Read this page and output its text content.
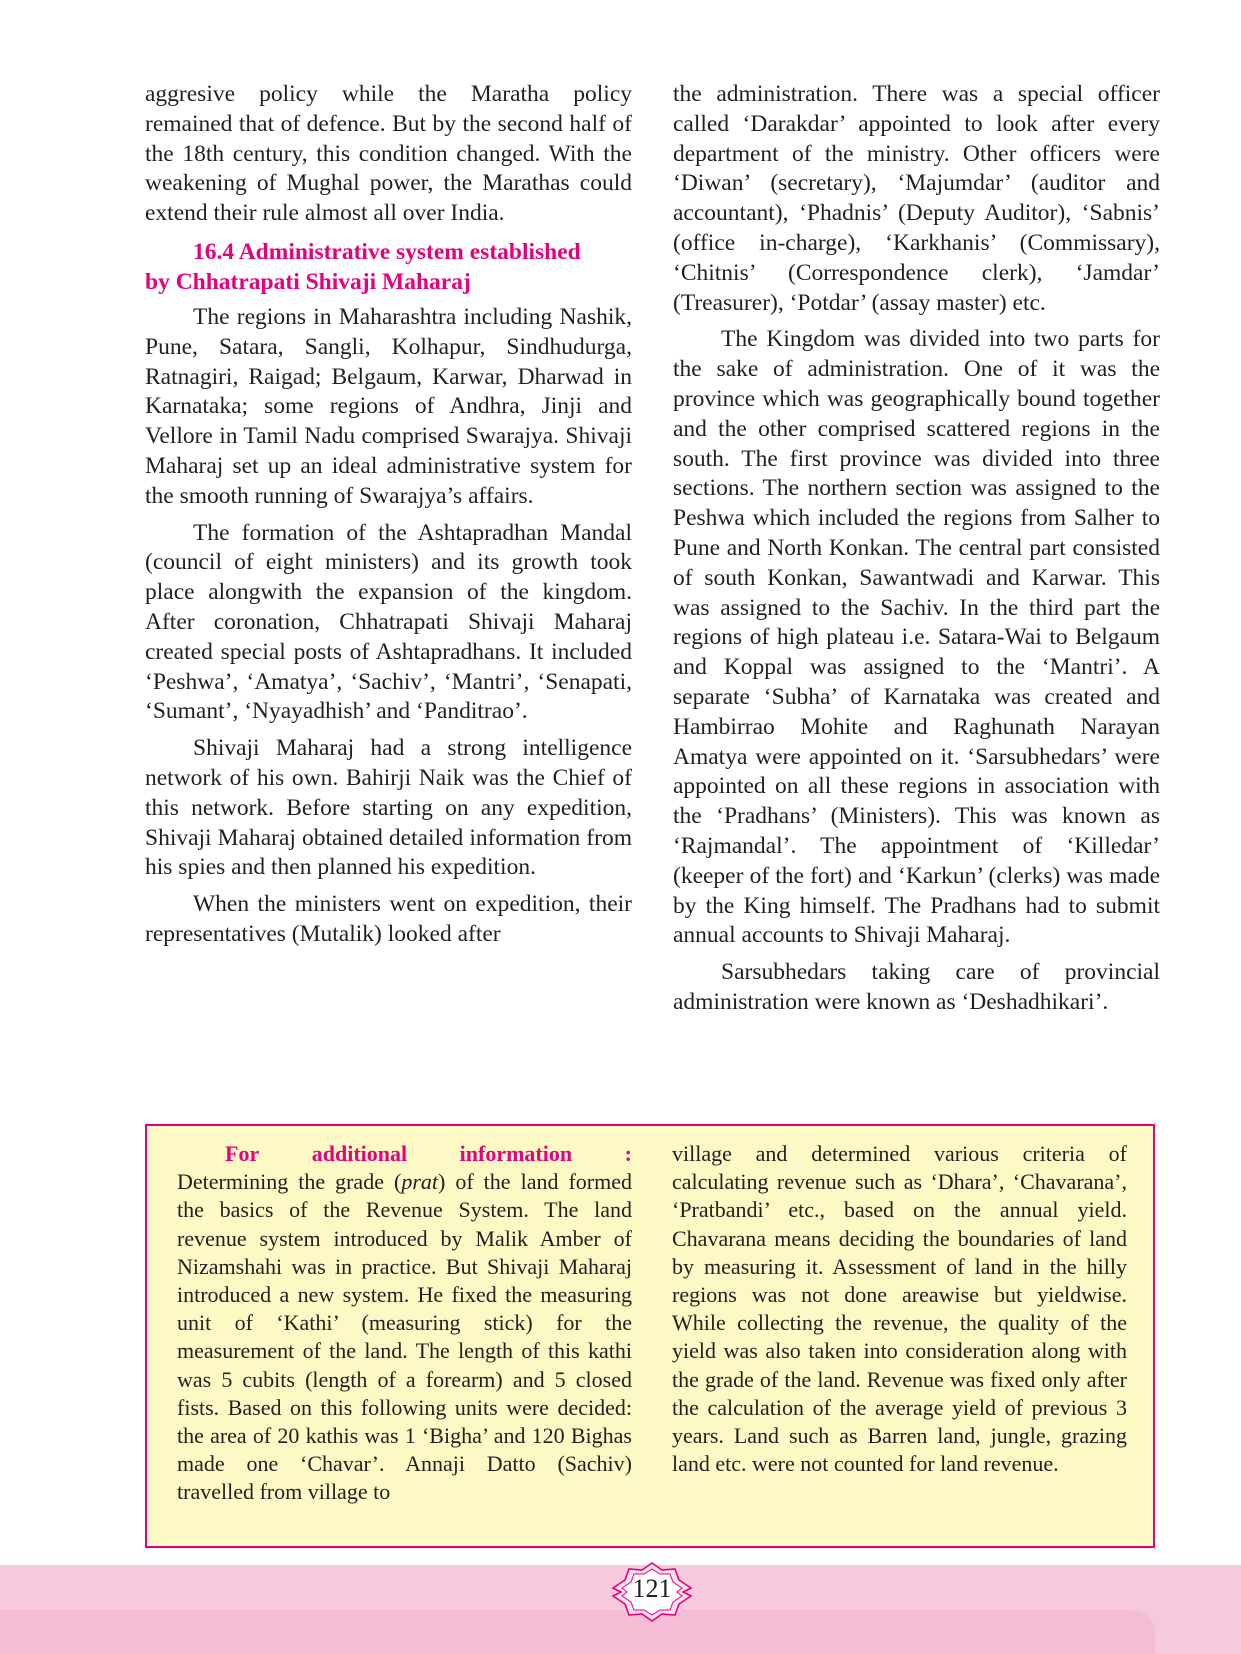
aggresive policy while the Maratha policy remained that of defence. But by the second half of the 18th century, this condition changed. With the weakening of Mughal power, the Marathas could extend their rule almost all over India.

16.4 Administrative system established
by Chhatrapati Shivaji Maharaj

The regions in Maharashtra including Nashik, Pune, Satara, Sangli, Kolhapur, Sindhudurga, Ratnagiri, Raigad; Belgaum, Karwar, Dharwad in Karnataka; some regions of Andhra, Jinji and Vellore in Tamil Nadu comprised Swarajya. Shivaji Maharaj set up an ideal administrative system for the smooth running of Swarajya’s affairs.

The formation of the Ashtapradhan Mandal (council of eight ministers) and its growth took place alongwith the expansion of the kingdom. After coronation, Chhatrapati Shivaji Maharaj created special posts of Ashtapradhans. It included ‘Peshwa’, ‘Amatya’, ‘Sachiv’, ‘Mantri’, ‘Senapati, ‘Sumant’, ‘Nyayadhish’ and ‘Panditrao’.

Shivaji Maharaj had a strong intelligence network of his own. Bahirji Naik was the Chief of this network. Before starting on any expedition, Shivaji Maharaj obtained detailed information from his spies and then planned his expedition.

When the ministers went on expedition, their representatives (Mutalik) looked after

the administration. There was a special officer called ‘Darakdar’ appointed to look after every department of the ministry. Other officers were ‘Diwan’ (secretary), ‘Majumdar’ (auditor and accountant), ‘Phadnis’ (Deputy Auditor), ‘Sabnis’ (office in-charge), ‘Karkhanis’ (Commissary), ‘Chitnis’ (Correspondence clerk), ‘Jamdar’ (Treasurer), ‘Potdar’ (assay master) etc.

The Kingdom was divided into two parts for the sake of administration. One of it was the province which was geographically bound together and the other comprised scattered regions in the south. The first province was divided into three sections. The northern section was assigned to the Peshwa which included the regions from Salher to Pune and North Konkan. The central part consisted of south Konkan, Sawantwadi and Karwar. This was assigned to the Sachiv. In the third part the regions of high plateau i.e. Satara-Wai to Belgaum and Koppal was assigned to the ‘Mantri’. A separate ‘Subha’ of Karnataka was created and Hambirrao Mohite and Raghunath Narayan Amatya were appointed on it. ‘Sarsubhedars’ were appointed on all these regions in association with the ‘Pradhans’ (Ministers). This was known as ‘Rajmandal’. The appointment of ‘Killedar’ (keeper of the fort) and ‘Karkun’ (clerks) was made by the King himself. The Pradhans had to submit annual accounts to Shivaji Maharaj.

Sarsubhedars taking care of provincial administration were known as ‘Deshadhikari’.

For additional information :

Determining the grade (prat) of the land formed the basics of the Revenue System. The land revenue system introduced by Malik Amber of Nizamshahi was in practice. But Shivaji Maharaj introduced a new system. He fixed the measuring unit of ‘Kathi’ (measuring stick) for the measurement of the land. The length of this kathi was 5 cubits (length of a forearm) and 5 closed fists. Based on this following units were decided: the area of 20 kathis was 1 ‘Bigha’ and 120 Bighas made one ‘Chavar’. Annaji Datto (Sachiv) travelled from village to

village and determined various criteria of calculating revenue such as ‘Dhara’, ‘Chavarana’, ‘Pratbandi’ etc., based on the annual yield. Chavarana means deciding the boundaries of land by measuring it. Assessment of land in the hilly regions was not done areawise but yieldwise. While collecting the revenue, the quality of the yield was also taken into consideration along with the grade of the land. Revenue was fixed only after the calculation of the average yield of previous 3 years. Land such as Barren land, jungle, grazing land etc. were not counted for land revenue.

121
